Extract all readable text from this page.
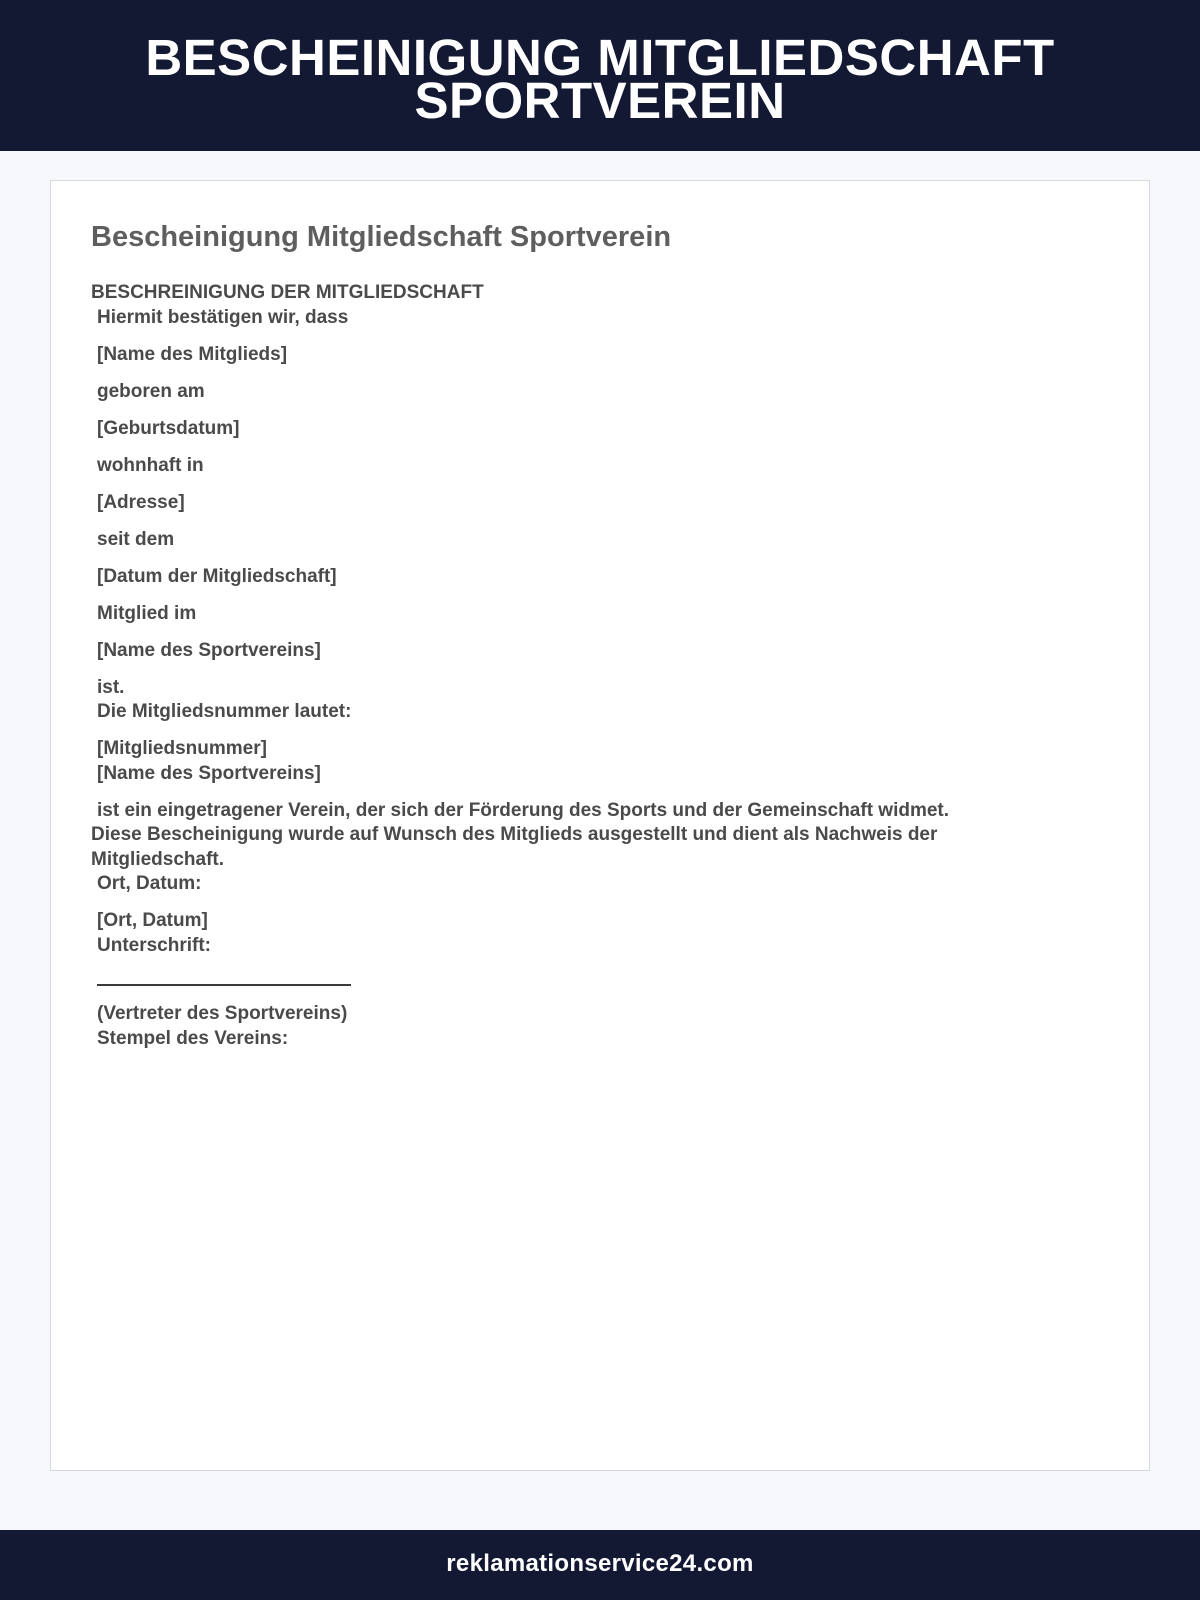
BESCHEINIGUNG MITGLIEDSCHAFT
SPORTVEREIN
Bescheinigung Mitgliedschaft Sportverein
BESCHREINIGUNG DER MITGLIEDSCHAFT
Hiermit bestätigen wir, dass
[Name des Mitglieds]
geboren am
[Geburtsdatum]
wohnhaft in
[Adresse]
seit dem
[Datum der Mitgliedschaft]
Mitglied im
[Name des Sportvereins]
ist.
Die Mitgliedsnummer lautet:
[Mitgliedsnummer]
[Name des Sportvereins]
ist ein eingetragener Verein, der sich der Förderung des Sports und der Gemeinschaft widmet.
Diese Bescheinigung wurde auf Wunsch des Mitglieds ausgestellt und dient als Nachweis der Mitgliedschaft.
Ort, Datum:
[Ort, Datum]
Unterschrift:
(Vertreter des Sportvereins)
Stempel des Vereins:
reklamationservice24.com
